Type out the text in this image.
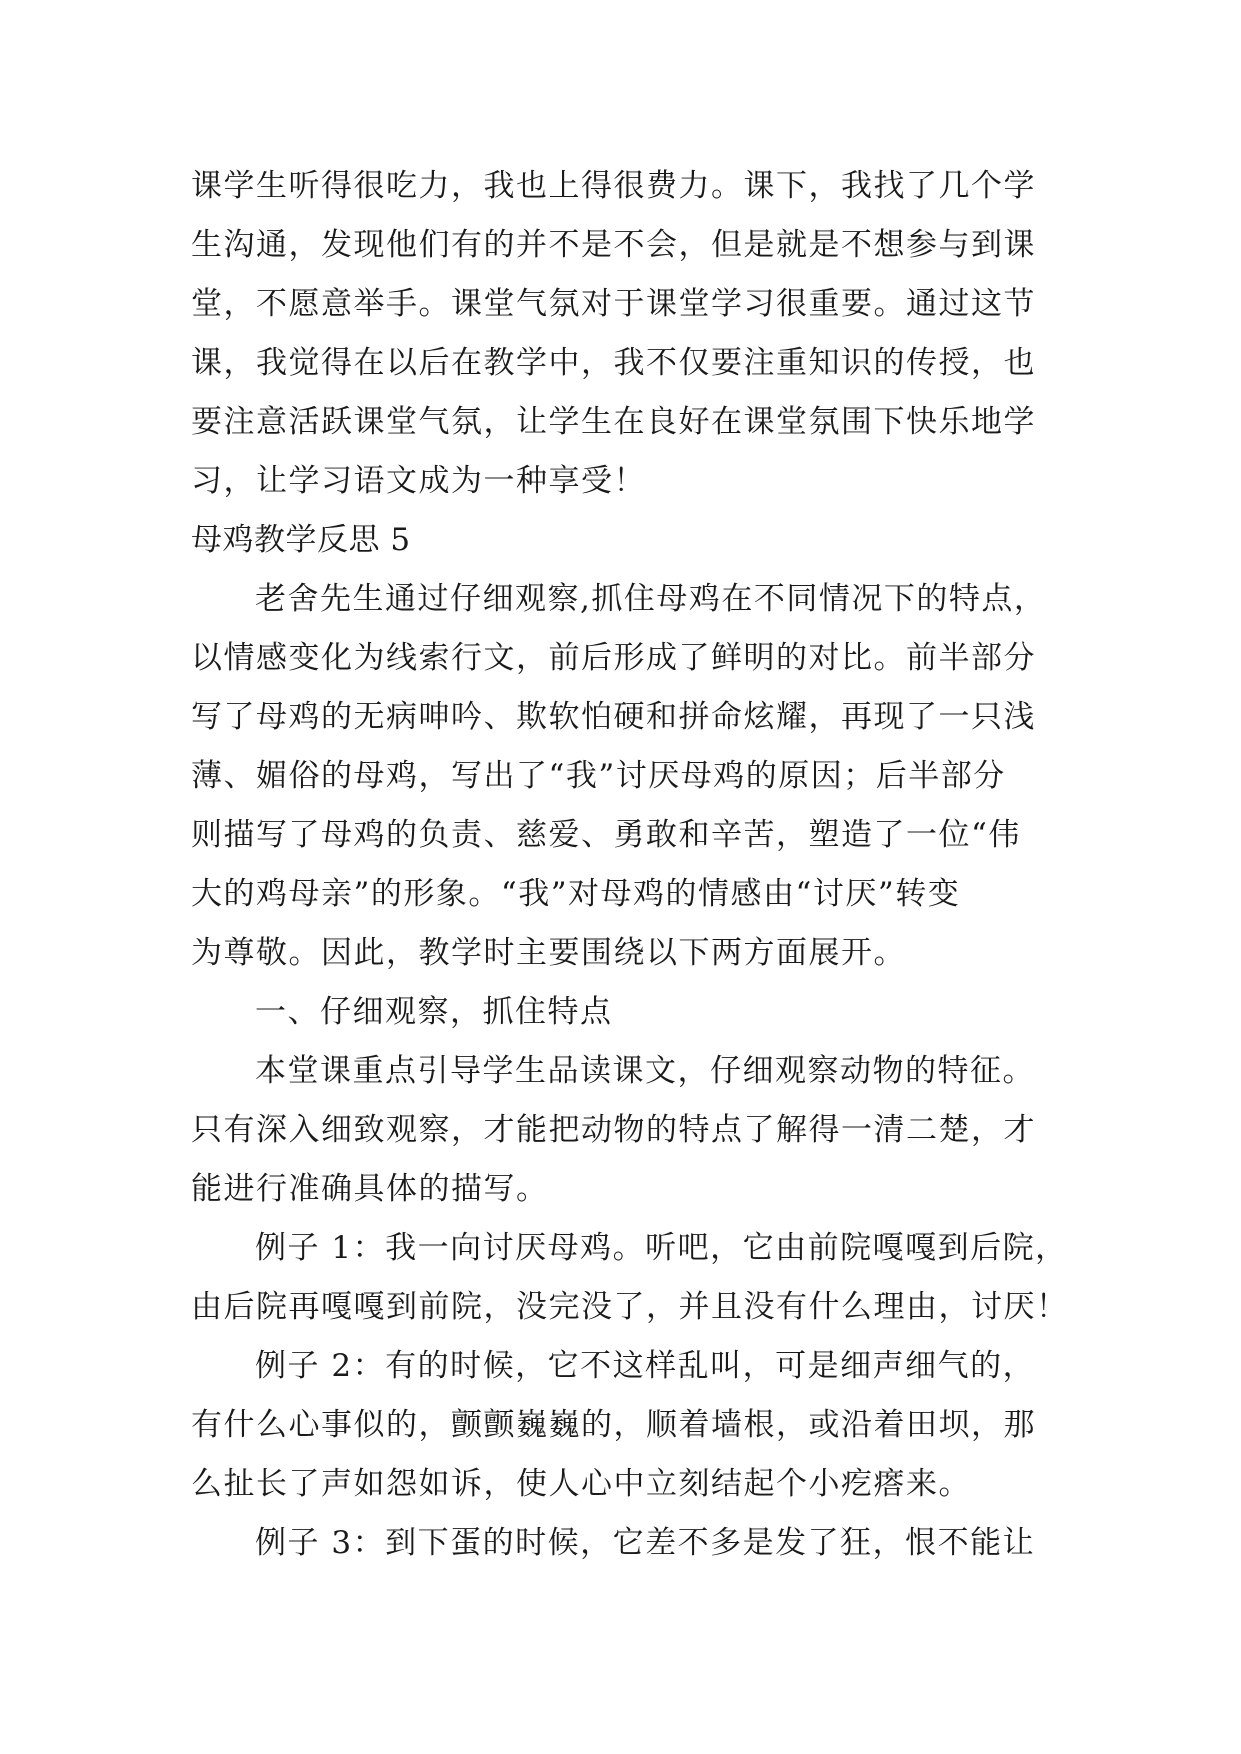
课学生听得很吃力，我也上得很费力。课下，我找了几个学
生沟通，发现他们有的并不是不会，但是就是不想参与到课
堂，不愿意举手。课堂气氛对于课堂学习很重要。通过这节
课，我觉得在以后在教学中，我不仅要注重知识的传授，也
要注意活跃课堂气氛，让学生在良好在课堂氛围下快乐地学
习，让学习语文成为一种享受！
母鸡教学反思 5
老舍先生通过仔细观察,抓住母鸡在不同情况下的特点，
以情感变化为线索行文，前后形成了鲜明的对比。前半部分
写了母鸡的无病呻吟、欺软怕硬和拼命炫耀，再现了一只浅
薄、媚俗的母鸡，写出了“我”讨厌母鸡的原因；后半部分
则描写了母鸡的负责、慈爱、勇敢和辛苦，塑造了一位“伟
大的鸡母亲”的形象。“我”对母鸡的情感由“讨厌”转变
为尊敬。因此，教学时主要围绕以下两方面展开。
一、仔细观察，抓住特点
本堂课重点引导学生品读课文，仔细观察动物的特征。
只有深入细致观察，才能把动物的特点了解得一清二楚，才
能进行准确具体的描写。
例子 1：我一向讨厌母鸡。听吧，它由前院嘎嘎到后院，
由后院再嘎嘎到前院，没完没了，并且没有什么理由，讨厌！
例子 2：有的时候，它不这样乱叫，可是细声细气的，
有什么心事似的，颤颤巍巍的，顺着墙根，或沿着田坝，那
么扯长了声如怨如诉，使人心中立刻结起个小疙瘩来。
例子 3：到下蛋的时候，它差不多是发了狂，恨不能让
